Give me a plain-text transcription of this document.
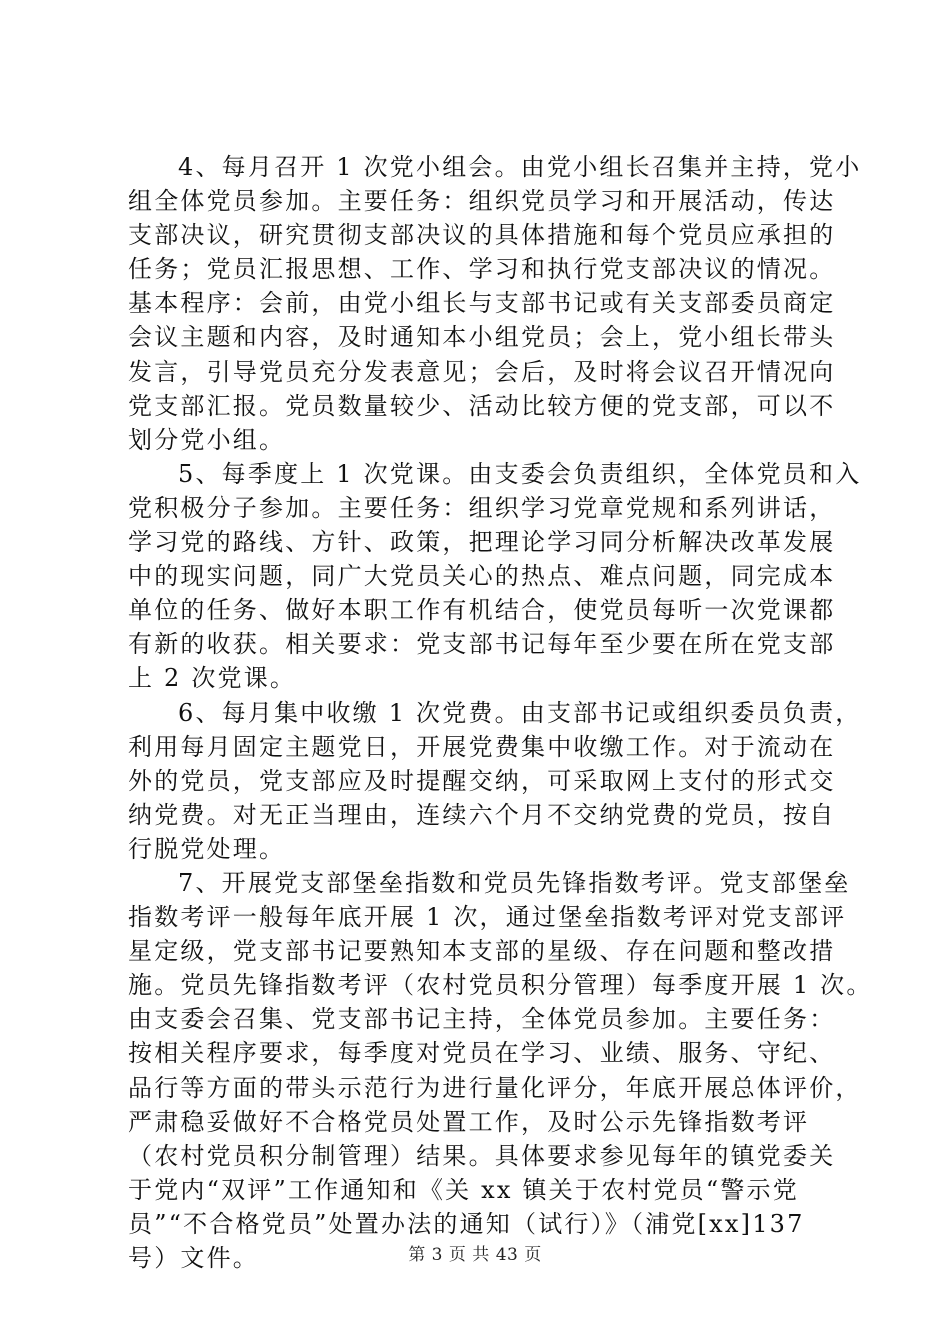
4、每月召开 1 次党小组会。由党小组长召集并主持，党小
组全体党员参加。主要任务：组织党员学习和开展活动，传达
支部决议，研究贯彻支部决议的具体措施和每个党员应承担的
任务；党员汇报思想、工作、学习和执行党支部决议的情况。
基本程序：会前，由党小组长与支部书记或有关支部委员商定
会议主题和内容，及时通知本小组党员；会上，党小组长带头
发言，引导党员充分发表意见；会后，及时将会议召开情况向
党支部汇报。党员数量较少、活动比较方便的党支部，可以不
划分党小组。
5、每季度上 1 次党课。由支委会负责组织，全体党员和入
党积极分子参加。主要任务：组织学习党章党规和系列讲话，
学习党的路线、方针、政策，把理论学习同分析解决改革发展
中的现实问题，同广大党员关心的热点、难点问题，同完成本
单位的任务、做好本职工作有机结合，使党员每听一次党课都
有新的收获。相关要求：党支部书记每年至少要在所在党支部
上 2 次党课。
6、每月集中收缴 1 次党费。由支部书记或组织委员负责，
利用每月固定主题党日，开展党费集中收缴工作。对于流动在
外的党员，党支部应及时提醒交纳，可采取网上支付的形式交
纳党费。对无正当理由，连续六个月不交纳党费的党员，按自
行脱党处理。
7、开展党支部堡垒指数和党员先锋指数考评。党支部堡垒
指数考评一般每年底开展 1 次，通过堡垒指数考评对党支部评
星定级，党支部书记要熟知本支部的星级、存在问题和整改措
施。党员先锋指数考评（农村党员积分管理）每季度开展 1 次。
由支委会召集、党支部书记主持，全体党员参加。主要任务：
按相关程序要求，每季度对党员在学习、业绩、服务、守纪、
品行等方面的带头示范行为进行量化评分，年底开展总体评价，
严肃稳妥做好不合格党员处置工作，及时公示先锋指数考评
（农村党员积分制管理）结果。具体要求参见每年的镇党委关
于党内“双评”工作通知和《关 xx 镇关于农村党员“警示党
员”“不合格党员”处置办法的通知（试行）》（浦党[xx]137
号）文件。	第 3 页 共 43 页
